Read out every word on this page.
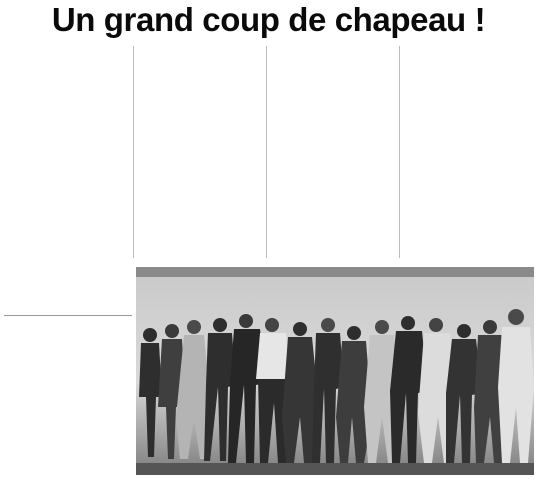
Un grand coup de chapeau !
